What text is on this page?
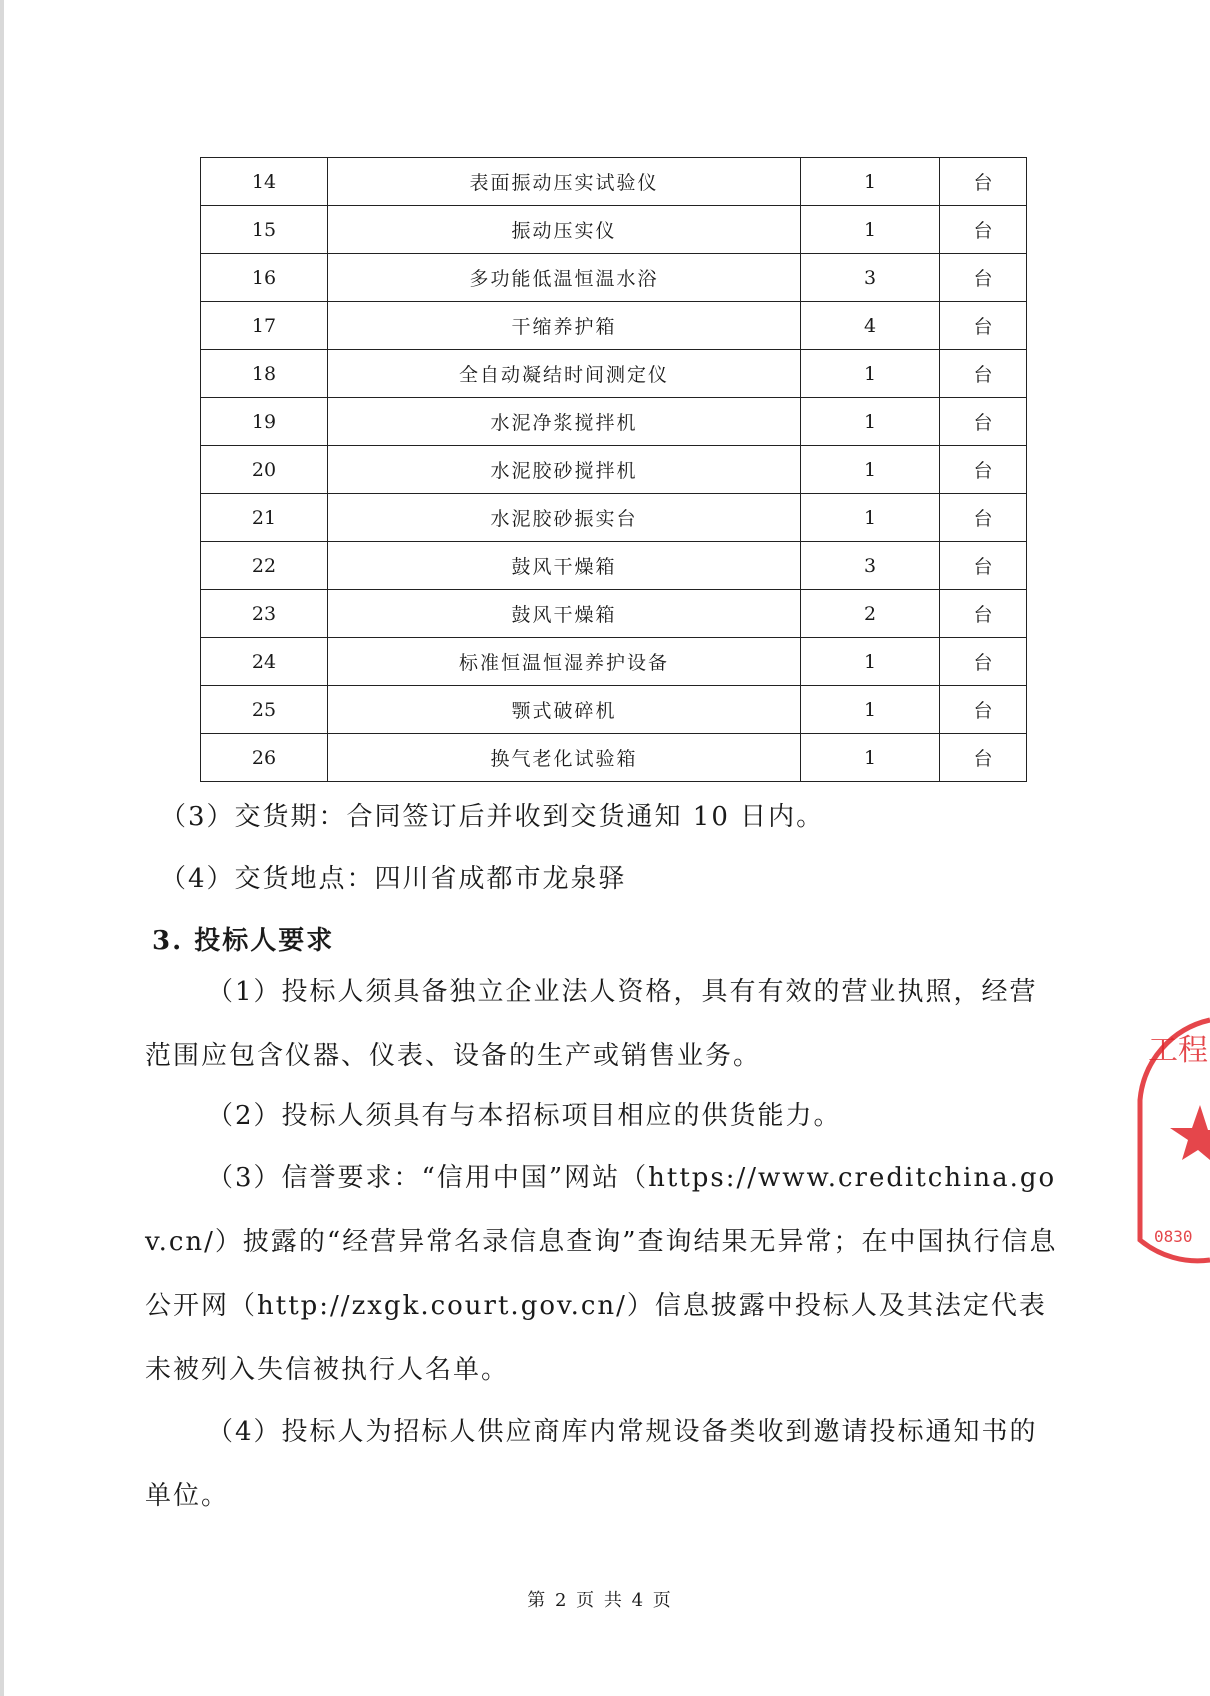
14	表面振动压实试验仪	1	台
15	振动压实仪	1	台
16	多功能低温恒温水浴	3	台
17	干缩养护箱	4	台
18	全自动凝结时间测定仪	1	台
19	水泥净浆搅拌机	1	台
20	水泥胶砂搅拌机	1	台
21	水泥胶砂振实台	1	台
22	鼓风干燥箱	3	台
23	鼓风干燥箱	2	台
24	标准恒温恒湿养护设备	1	台
25	颚式破碎机	1	台
26	换气老化试验箱	1	台

（3）交货期：合同签订后并收到交货通知 10 日内。

（4）交货地点：四川省成都市龙泉驿

3. 投标人要求

（1）投标人须具备独立企业法人资格，具有有效的营业执照，经营范围应包含仪器、仪表、设备的生产或销售业务。

（2）投标人须具有与本招标项目相应的供货能力。

（3）信誉要求：“信用中国”网站（https://www.creditchina.gov.cn/）披露的“经营异常名录信息查询”查询结果无异常；在中国执行信息公开网（http://zxgk.court.gov.cn/）信息披露中投标人及其法定代表未被列入失信被执行人名单。

（4）投标人为招标人供应商库内常规设备类收到邀请投标通知书的单位。

第 2 页 共 4 页
工程
0830
